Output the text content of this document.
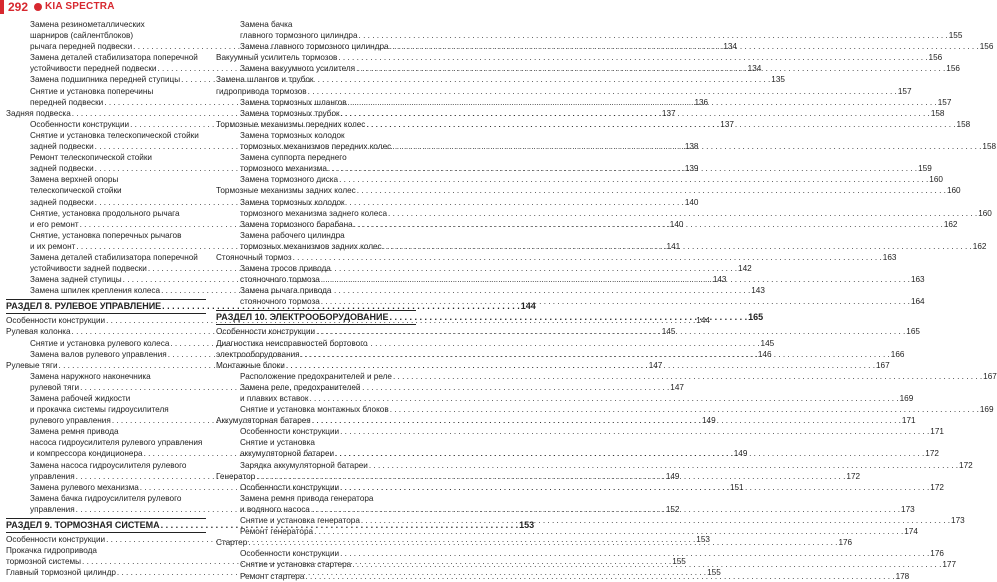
292 KIA SPECTRA
Замена резинометаллических
шарниров (сайлентблоков)
рычага передней подвески . . .	134
Замена деталей стабилизатора поперечной
устойчивости передней подвески . . .	134
Замена подшипника передней ступицы . . .	135
Снятие и установка поперечины
передней подвески . . .	136
Задняя подвеска . . .	137
Особенности конструкции . . .	137
Снятие и установка телескопической стойки
задней подвески . . .	138
Ремонт телескопической стойки
задней подвески . . .	139
Замена верхней опоры
телескопической стойки
задней подвески . . .	140
Снятие, установка продольного рычага
и его ремонт . . .	140
Снятие, установка поперечных рычагов
и их ремонт . . .	141
Замена деталей стабилизатора поперечной
устойчивости задней подвески . . .	142
Замена задней ступицы . . .	143
Замена шпилек крепления колеса . . .	143
РАЗДЕЛ 8. РУЛЕВОЕ УПРАВЛЕНИЕ . . .	144
Особенности конструкции . . .	144
Рулевая колонка . . .	145
Снятие и установка рулевого колеса . . .	145
Замена валов рулевого управления . . .	146
Рулевые тяги . . .	147
Замена наружного наконечника
рулевой тяги . . .	147
Замена рабочей жидкости
и прокачка системы гидроусилителя
рулевого управления . . .	149
Замена ремня привода
насоса гидроусилителя рулевого управления
и компрессора кондиционера . . .	149
Замена насоса гидроусилителя рулевого
управления . . .	149
Замена рулевого механизма . . .	151
Замена бачка гидроусилителя рулевого
управления . . .	152
РАЗДЕЛ 9. ТОРМОЗНАЯ СИСТЕМА . . .	153
Особенности конструкции . . .	153
Прокачка гидропривода
тормозной системы . . .	155
Главный тормозной цилиндр . . .	155
Замена бачка
главного тормозного цилиндра . . .	155
Замена главного тормозного цилиндра . . .	156
Вакуумный усилитель тормозов . . .	156
Замена вакуумного усилителя . . .	156
Замена шлангов и трубок
гидропривода тормозов . . .	157
Замена тормозных шлангов . . .	157
Замена тормозных трубок . . .	158
Тормозные механизмы передних колес . . .	158
Замена тормозных колодок
тормозных механизмов передних колес . . .	158
Замена суппорта переднего
тормозного механизма . . .	159
Замена тормозного диска . . .	160
Тормозные механизмы задних колес . . .	160
Замена тормозных колодок
тормозного механизма заднего колеса . . .	160
Замена тормозного барабана . . .	162
Замена рабочего цилиндра
тормозных механизмов задних колес . . .	162
Стояночный тормоз . . .	163
Замена тросов привода
стояночного тормоза . . .	163
Замена рычага привода
стояночного тормоза . . .	164
РАЗДЕЛ 10. ЭЛЕКТРООБОРУДОВАНИЕ . . .	165
Особенности конструкции . . .	165
Диагностика неисправностей бортового
электрооборудования . . .	166
Монтажные блоки . . .	167
Расположение предохранителей и реле . . .	167
Замена реле, предохранителей
и плавких вставок . . .	169
Снятие и установка монтажных блоков . . .	169
Аккумуляторная батарея . . .	171
Особенности конструкции . . .	171
Снятие и установка
аккумуляторной батареи . . .	172
Зарядка аккумуляторной батареи . . .	172
Генератор . . .	172
Особенности конструкции . . .	172
Замена ремня привода генератора
и водяного насоса . . .	173
Снятие и установка генератора . . .	173
Ремонт генератора . . .	174
Стартер . . .	176
Особенности конструкции . . .	176
Снятие и установка стартера . . .	177
Ремонт стартера . . .	178
